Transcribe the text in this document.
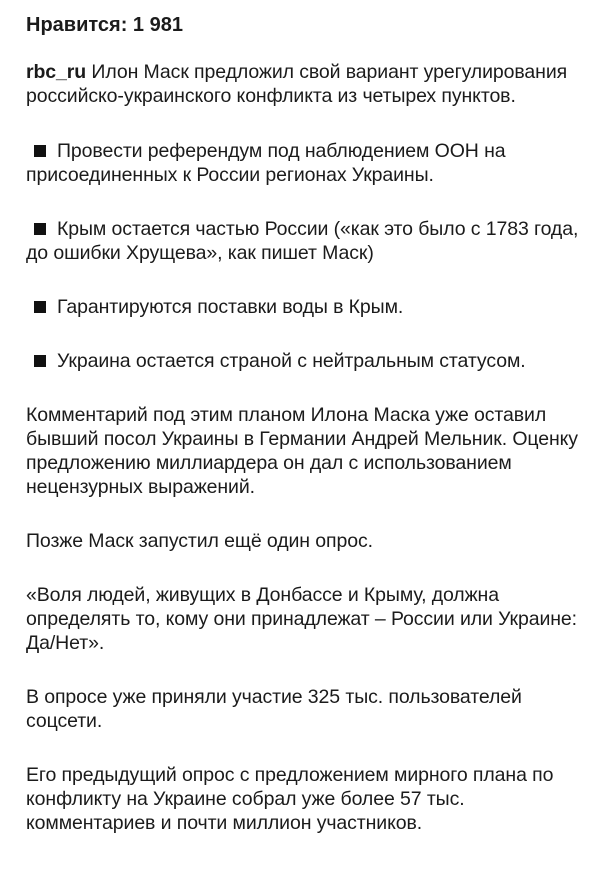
Нравится: 1 981
rbc_ru Илон Маск предложил свой вариант урегулирования российско-украинского конфликта из четырех пунктов.
Провести референдум под наблюдением ООН на присоединенных к России регионах Украины.
Крым остается частью России («как это было с 1783 года, до ошибки Хрущева», как пишет Маск)
Гарантируются поставки воды в Крым.
Украина остается страной с нейтральным статусом.
Комментарий под этим планом Илона Маска уже оставил бывший посол Украины в Германии Андрей Мельник. Оценку предложению миллиардера он дал с использованием нецензурных выражений.
Позже Маск запустил ещё один опрос.
«Воля людей, живущих в Донбассе и Крыму, должна определять то, кому они принадлежат – России или Украине: Да/Нет».
В опросе уже приняли участие 325 тыс. пользователей соцсети.
Его предыдущий опрос с предложением мирного плана по конфликту на Украине собрал уже более 57 тыс. комментариев и почти миллион участников.
